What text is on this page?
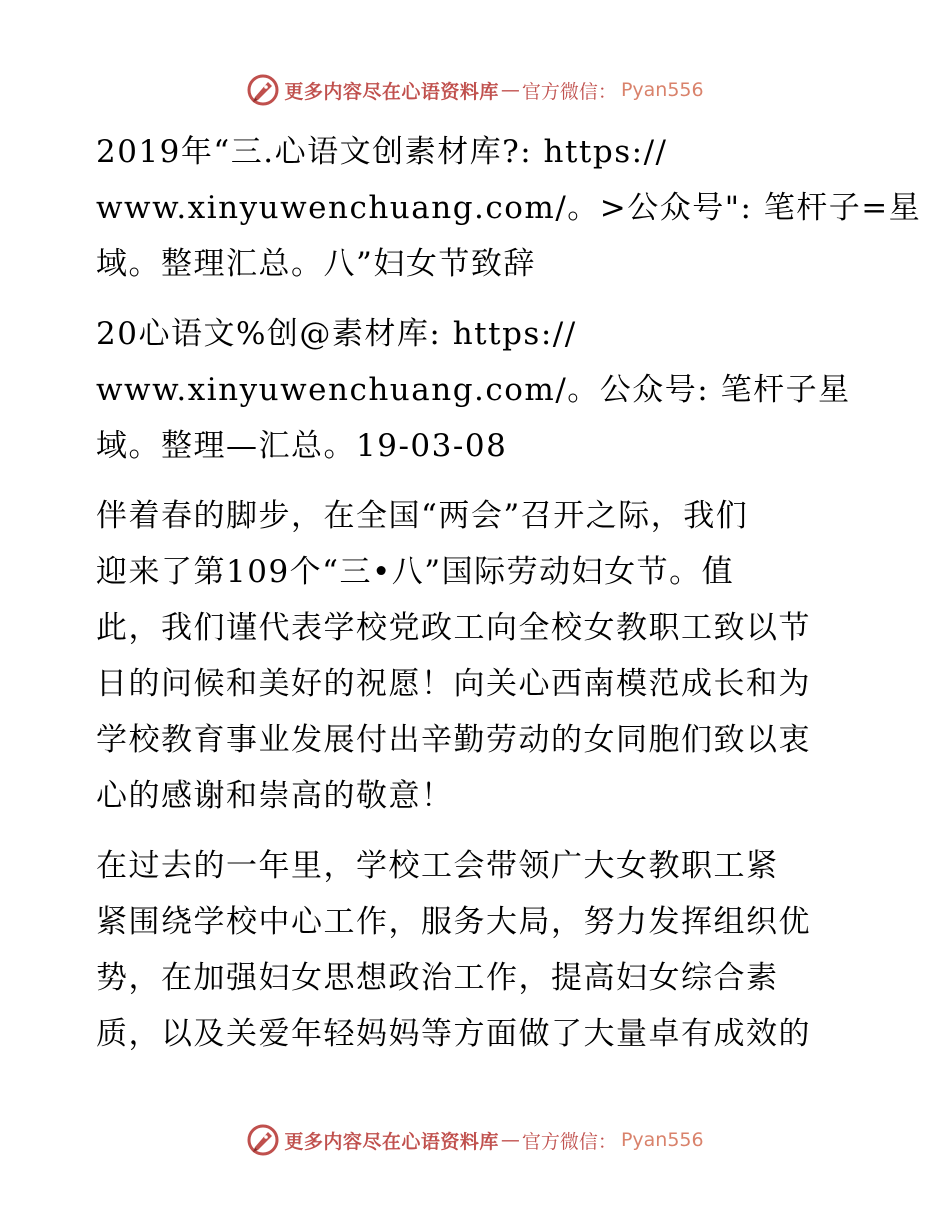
更多内容尽在心语资料库 — 官方微信： Pyan556

2019年“三.心语文创素材库?: https://
www.xinyuwenchuang.com/。>公众号": 笔杆子=星
域。整理汇总。八”妇女节致辞

20心语文%创@素材库: https://
www.xinyuwenchuang.com/。公众号: 笔杆子星
域。整理—汇总。19-03-08

伴着春的脚步，在全国“两会”召开之际，我们
迎来了第109个“三•八”国际劳动妇女节。值
此，我们谨代表学校党政工向全校女教职工致以节
日的问候和美好的祝愿！向关心西南模范成长和为
学校教育事业发展付出辛勤劳动的女同胞们致以衷
心的感谢和崇高的敬意！

在过去的一年里，学校工会带领广大女教职工紧
紧围绕学校中心工作，服务大局，努力发挥组织优
势，在加强妇女思想政治工作，提高妇女综合素
质，以及关爱年轻妈妈等方面做了大量卓有成效的

更多内容尽在心语资料库 — 官方微信： Pyan556
